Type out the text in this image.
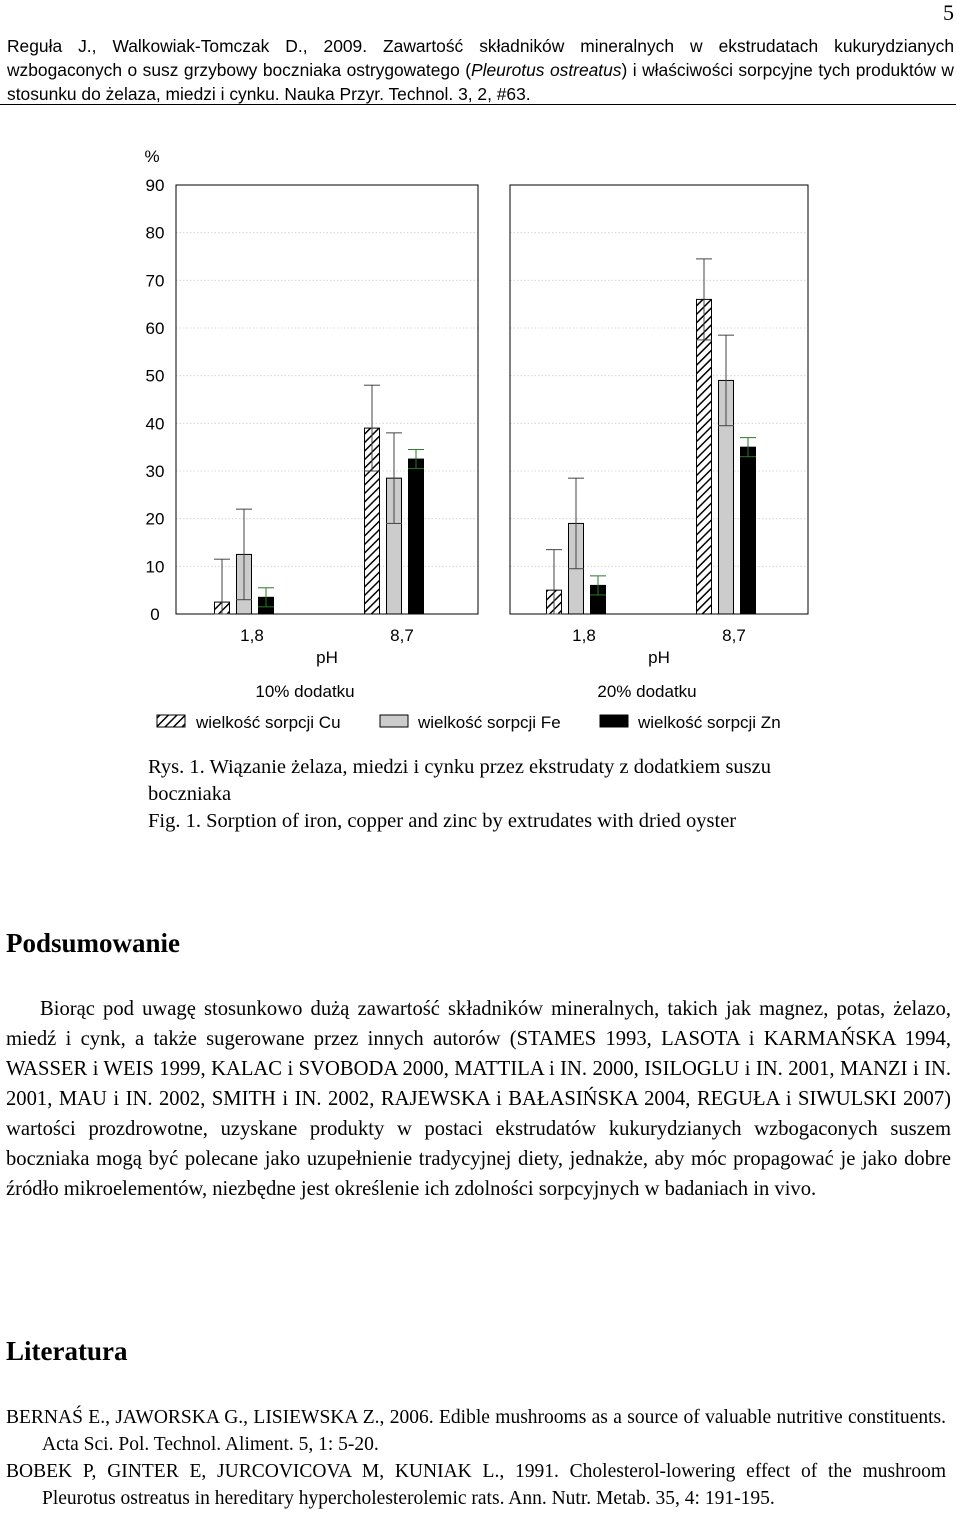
5
Reguła J., Walkowiak-Tomczak D., 2009. Zawartość składników mineralnych w ekstrudatach kukurydzianych wzbogaconych o susz grzybowy boczniaka ostrygowatego (Pleurotus ostreatus) i właściwości sorpcyjne tych produktów w stosunku do żelaza, miedzi i cynku. Nauka Przyr. Technol. 3, 2, #63.
%
0
10
20
30
40
50
60
70
80
90
1,8	8,7
pH
10% dodatku
1,8	8,7
pH
20% dodatku
wielkość sorpcji Cu	wielkość sorpcji Fe	wielkość sorpcji Zn
Rys. 1. Wiązanie żelaza, miedzi i cynku przez ekstrudaty z dodatkiem suszu boczniaka
Fig. 1. Sorption of iron, copper and zinc by extrudates with dried oyster
Podsumowanie

Biorąc pod uwagę stosunkowo dużą zawartość składników mineralnych, takich jak magnez, potas, żelazo, miedź i cynk, a także sugerowane przez innych autorów (STAMES 1993, LASOTA i KARMAŃSKA 1994, WASSER i WEIS 1999, KALAC i SVOBODA 2000, MATTILA i IN. 2000, ISILOGLU i IN. 2001, MANZI i IN. 2001, MAU i IN. 2002, SMITH i IN. 2002, RAJEWSKA i BAŁASIŃSKA 2004, REGUŁA i SIWULSKI 2007) wartości prozdrowotne, uzyskane produkty w postaci ekstrudatów kukurydzianych wzbogaconych suszem boczniaka mogą być polecane jako uzupełnienie tradycyjnej diety, jednakże, aby móc propagować je jako dobre źródło mikroelementów, niezbędne jest określenie ich zdolności sorpcyjnych w badaniach in vivo.

Literatura
BERNAŚ E., JAWORSKA G., LISIEWSKA Z., 2006. Edible mushrooms as a source of valuable nutritive constituents. Acta Sci. Pol. Technol. Aliment. 5, 1: 5-20.
BOBEK P, GINTER E, JURCOVICOVA M, KUNIAK L., 1991. Cholesterol-lowering effect of the mushroom Pleurotus ostreatus in hereditary hypercholesterolemic rats. Ann. Nutr. Metab. 35, 4: 191-195.
